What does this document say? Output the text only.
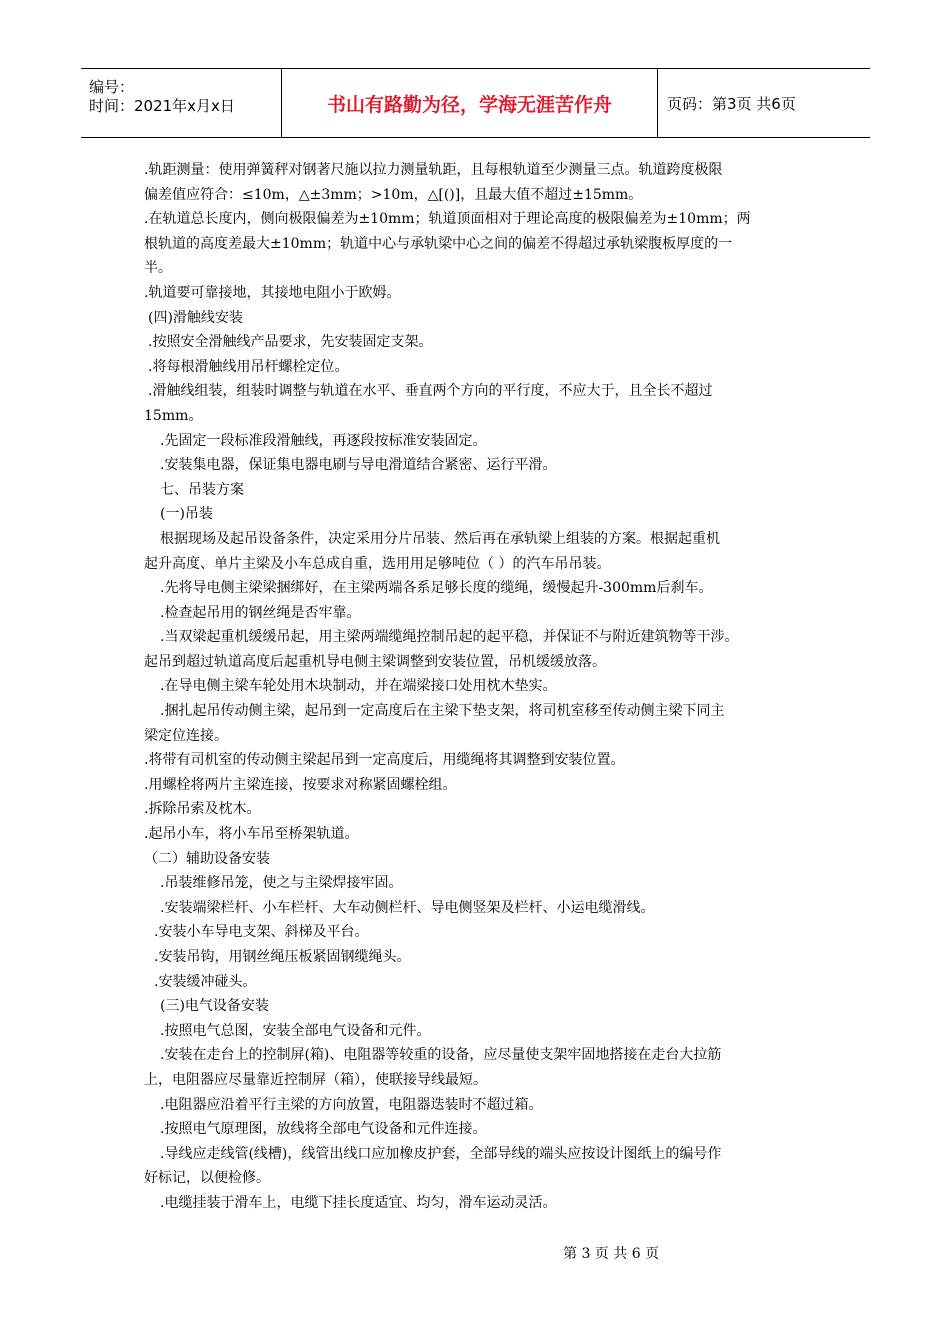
编号：
时间：2021年x月x日	书山有路勤为径，学海无涯苦作舟	页码：第3页 共6页
.轨距测量：使用弹簧秤对钢著尺施以拉力测量轨距，且每根轨道至少测量三点。轨道跨度极限
偏差值应符合：≤10m，△±3mm；>10m，△[()]，且最大值不超过±15mm。
.在轨道总长度内，侧向极限偏差为±10mm；轨道顶面相对于理论高度的极限偏差为±10mm；两
根轨道的高度差最大±10mm；轨道中心与承轨梁中心之间的偏差不得超过承轨梁腹板厚度的一
半。
.轨道要可靠接地，其接地电阻小于欧姆。
(四)滑触线安装
.按照安全滑触线产品要求，先安装固定支架。
.将每根滑触线用吊杆螺栓定位。
.滑触线组装，组装时调整与轨道在水平、垂直两个方向的平行度，不应大于，且全长不超过
15mm。
.先固定一段标准段滑触线，再逐段按标准安装固定。
.安装集电器，保证集电器电刷与导电滑道结合紧密、运行平滑。
七、吊装方案
(一)吊装
根据现场及起吊设备条件，决定采用分片吊装、然后再在承轨梁上组装的方案。根据起重机
起升高度、单片主梁及小车总成自重，选用用足够吨位（ ）的汽车吊吊装。
.先将导电侧主梁梁捆绑好，在主梁两端各系足够长度的缆绳，缓慢起升-300mm后刹车。
.检查起吊用的钢丝绳是否牢靠。
.当双梁起重机缓缓吊起，用主梁两端缆绳控制吊起的起平稳，并保证不与附近建筑物等干涉。
起吊到超过轨道高度后起重机导电侧主梁调整到安装位置，吊机缓缓放落。
.在导电侧主梁车轮处用木块制动，并在端梁接口处用枕木垫实。
.捆扎起吊传动侧主梁，起吊到一定高度后在主梁下垫支架，将司机室移至传动侧主梁下同主
梁定位连接。
.将带有司机室的传动侧主梁起吊到一定高度后，用缆绳将其调整到安装位置。
.用螺栓将两片主梁连接，按要求对称紧固螺栓组。
.拆除吊索及枕木。
.起吊小车，将小车吊至桥架轨道。
（二）辅助设备安装
.吊装维修吊笼，使之与主梁焊接牢固。
.安装端梁栏杆、小车栏杆、大车动侧栏杆、导电侧竖架及栏杆、小运电缆滑线。
.安装小车导电支架、斜梯及平台。
.安装吊钩，用钢丝绳压板紧固钢缆绳头。
.安装缓冲碰头。
(三)电气设备安装
.按照电气总图，安装全部电气设备和元件。
.安装在走台上的控制屏(箱)、电阻器等较重的设备，应尽量使支架牢固地搭接在走台大拉筋
上，电阻器应尽量靠近控制屏（箱），使联接导线最短。
.电阻器应沿着平行主梁的方向放置，电阻器迭装时不超过箱。
.按照电气原理图，放线将全部电气设备和元件连接。
.导线应走线管(线槽)，线管出线口应加橡皮护套，全部导线的端头应按设计图纸上的编号作
好标记，以便检修。
.电缆挂装于滑车上，电缆下挂长度适宜、均匀，滑车运动灵活。
第 3 页 共 6 页
